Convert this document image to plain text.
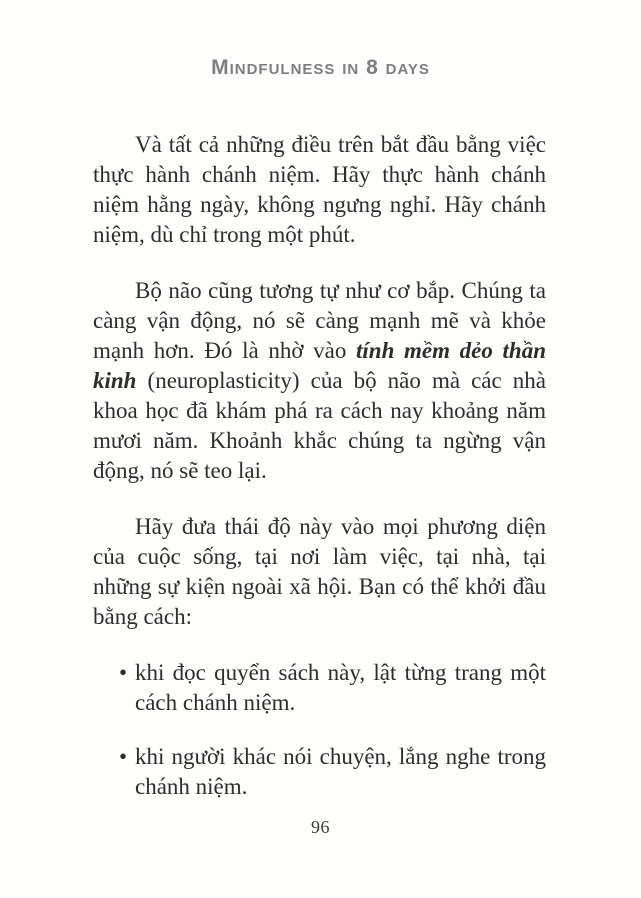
Mindfulness in 8 days

Và tất cả những điều trên bắt đầu bằng việc thực hành chánh niệm. Hãy thực hành chánh niệm hằng ngày, không ngưng nghỉ. Hãy chánh niệm, dù chỉ trong một phút.

Bộ não cũng tương tự như cơ bắp. Chúng ta càng vận động, nó sẽ càng mạnh mẽ và khỏe mạnh hơn. Đó là nhờ vào tính mềm dẻo thần kinh (neuroplasticity) của bộ não mà các nhà khoa học đã khám phá ra cách nay khoảng năm mươi năm. Khoảnh khắc chúng ta ngừng vận động, nó sẽ teo lại.

Hãy đưa thái độ này vào mọi phương diện của cuộc sống, tại nơi làm việc, tại nhà, tại những sự kiện ngoài xã hội. Bạn có thể khởi đầu bằng cách:

• khi đọc quyển sách này, lật từng trang một cách chánh niệm.
• khi người khác nói chuyện, lắng nghe trong chánh niệm.
96
